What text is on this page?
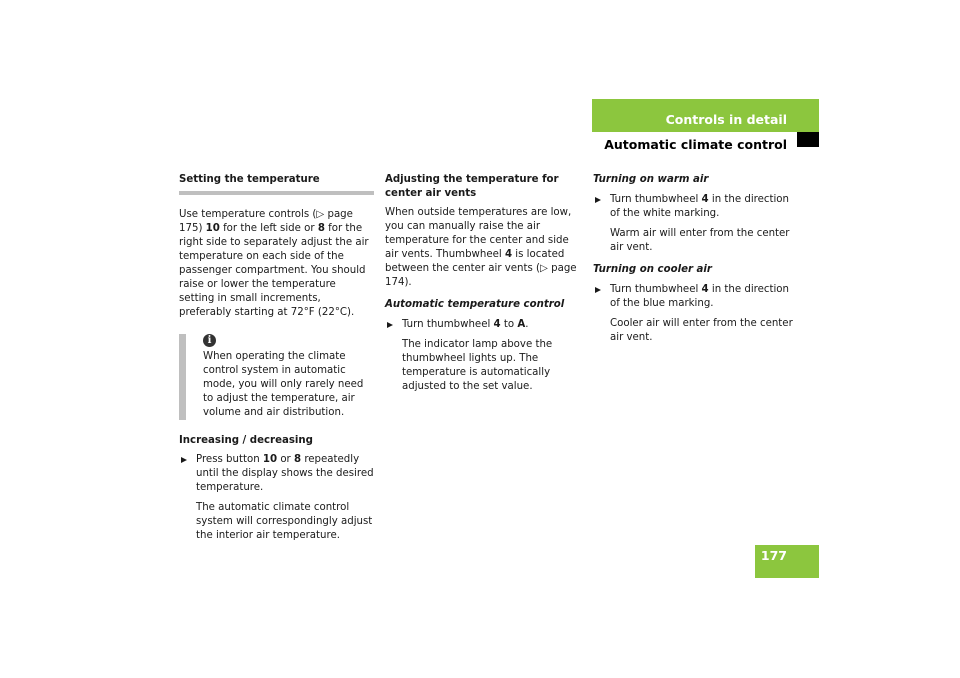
Controls in detail
Automatic climate control
Setting the temperature

Use temperature controls (▷ page 175) 10 for the left side or 8 for the right side to separately adjust the air temperature on each side of the passenger compartment. You should raise or lower the temperature setting in small increments, preferably starting at 72°F (22°C).

i
When operating the climate control system in automatic mode, you will only rarely need to adjust the temperature, air volume and air distribution.
Increasing / decreasing
Press button 10 or 8 repeatedly until the display shows the desired temperature.
The automatic climate control system will correspondingly adjust the interior air temperature.
Adjusting the temperature for center air vents

When outside temperatures are low, you can manually raise the air temperature for the center and side air vents. Thumbwheel 4 is located between the center air vents (▷ page 174).

Automatic temperature control
Turn thumbwheel 4 to A.
The indicator lamp above the thumbwheel lights up. The temperature is automatically adjusted to the set value.
Turning on warm air
Turn thumbwheel 4 in the direction of the white marking.
Warm air will enter from the center air vent.
Turning on cooler air
Turn thumbwheel 4 in the direction of the blue marking.
Cooler air will enter from the center air vent.
177
